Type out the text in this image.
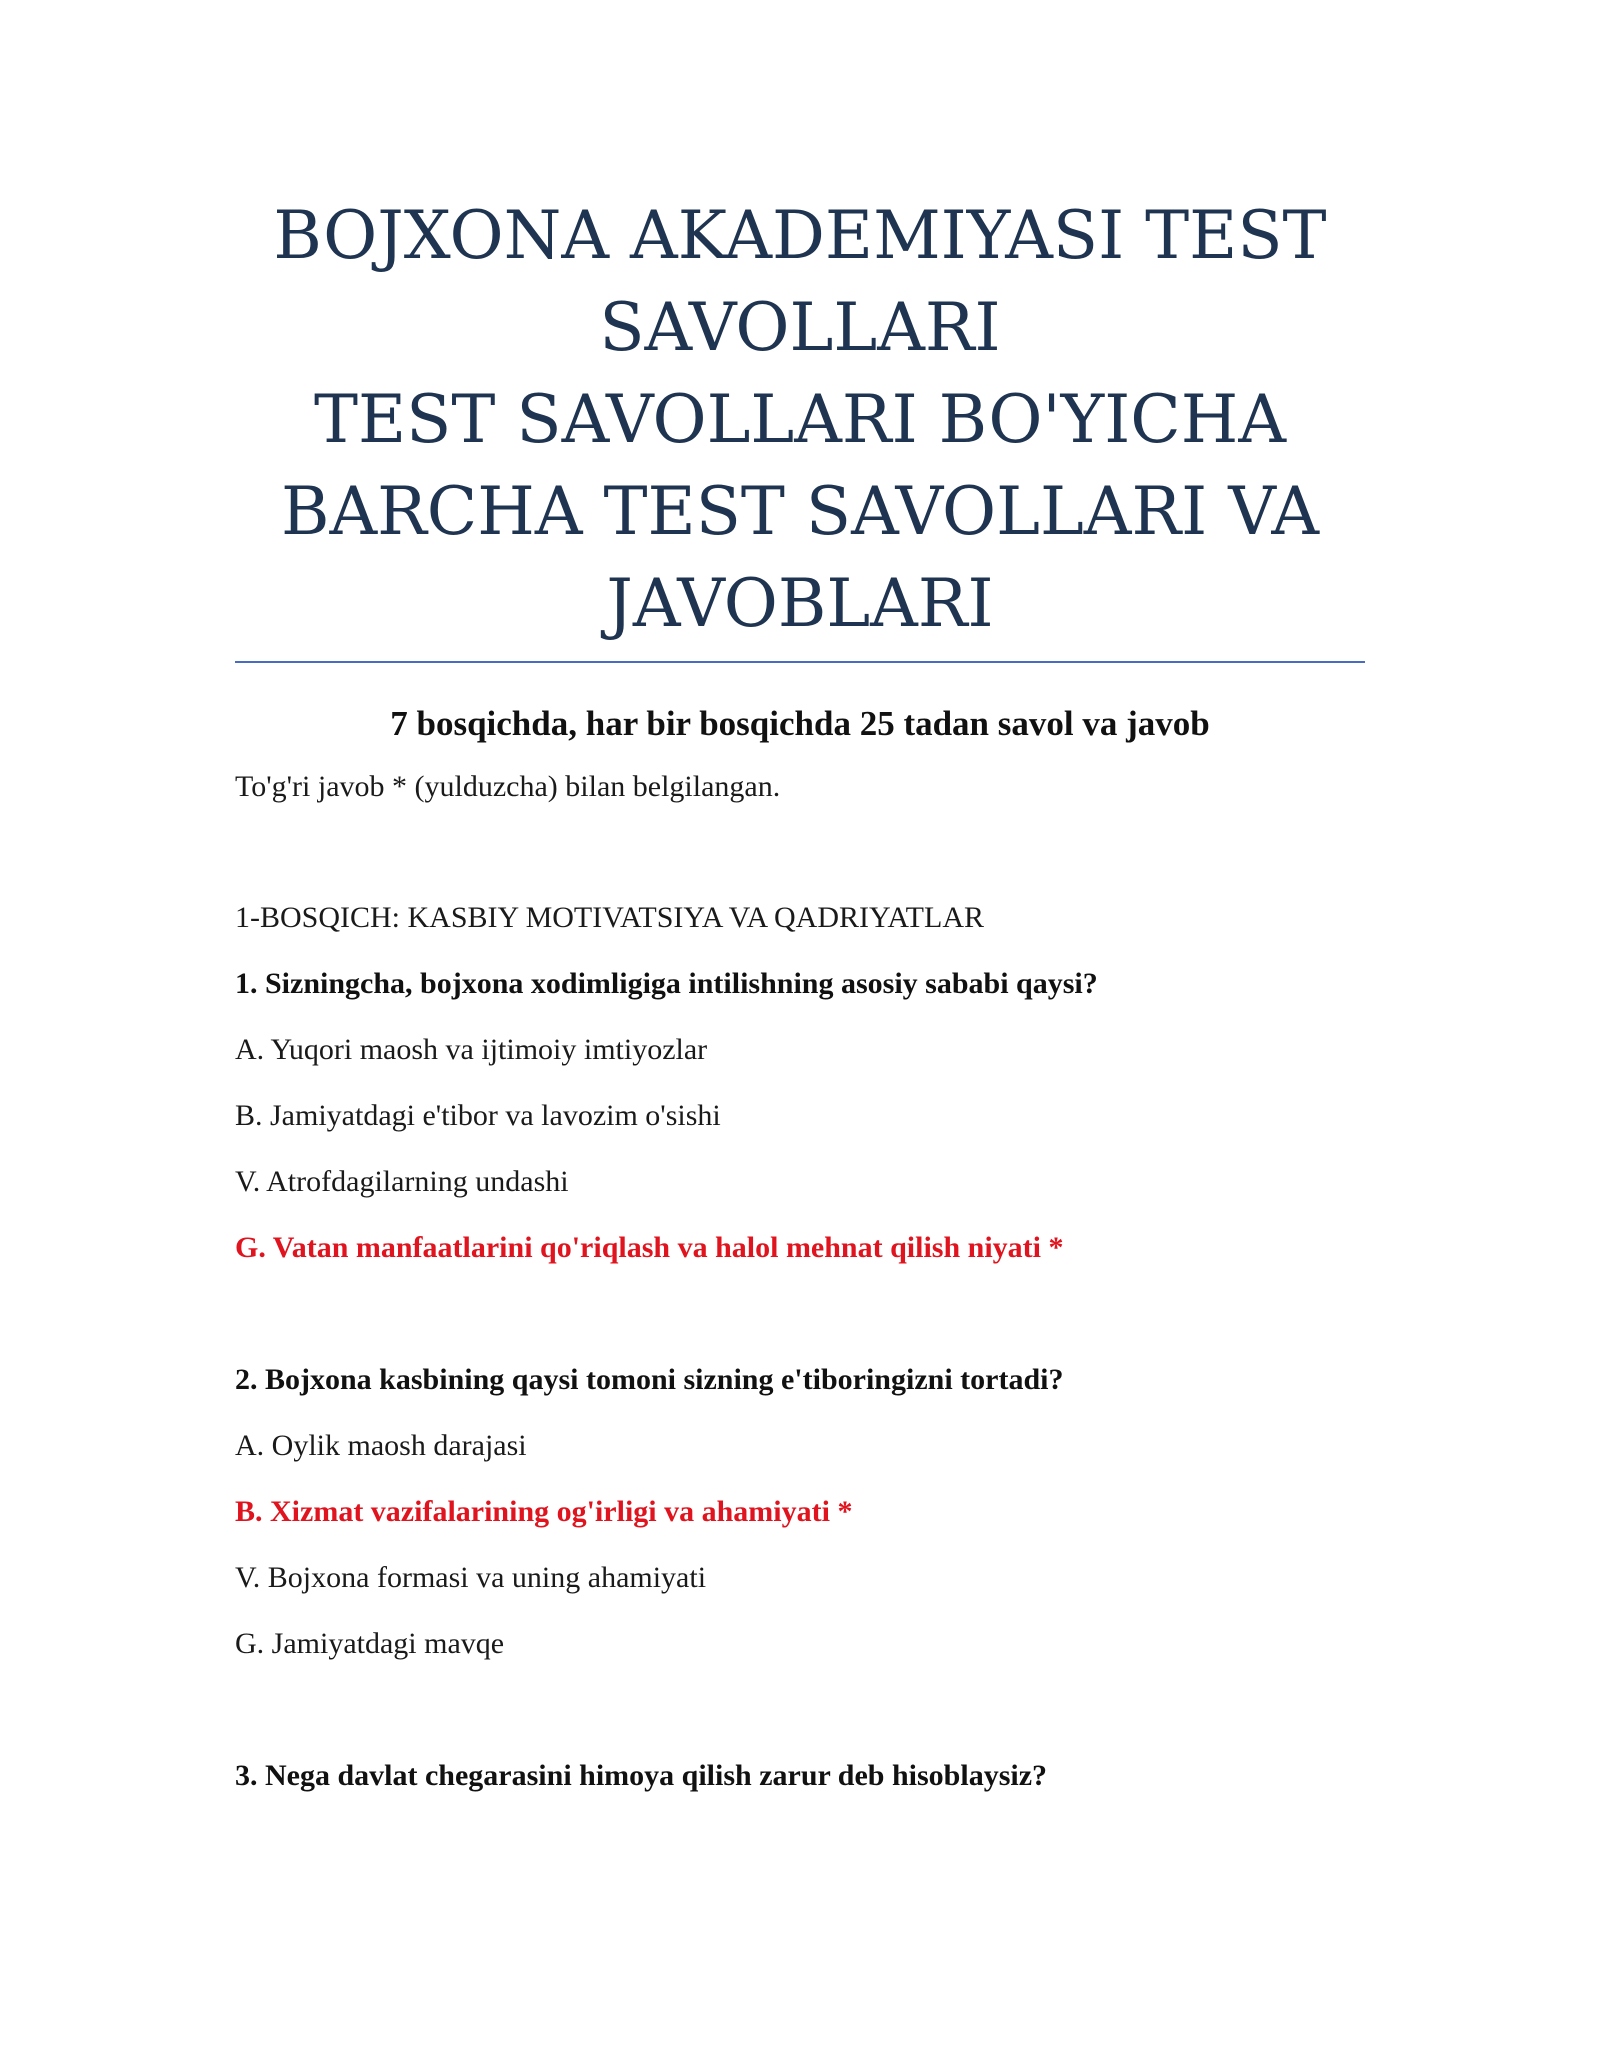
BOJXONA AKADEMIYASI TEST
SAVOLLARI
TEST SAVOLLARI BO'YICHA
BARCHA TEST SAVOLLARI VA
JAVOBLARI

7 bosqichda, har bir bosqichda 25 tadan savol va javob

To'g'ri javob * (yulduzcha) bilan belgilangan.

1-BOSQICH: KASBIY MOTIVATSIYA VA QADRIYATLAR

1. Sizningcha, bojxona xodimligiga intilishning asosiy sababi qaysi?

A. Yuqori maosh va ijtimoiy imtiyozlar

B. Jamiyatdagi e'tibor va lavozim o'sishi

V. Atrofdagilarning undashi

G. Vatan manfaatlarini qo'riqlash va halol mehnat qilish niyati *

2. Bojxona kasbining qaysi tomoni sizning e'tiboringizni tortadi?

A. Oylik maosh darajasi

B. Xizmat vazifalarining og'irligi va ahamiyati *

V. Bojxona formasi va uning ahamiyati

G. Jamiyatdagi mavqe

3. Nega davlat chegarasini himoya qilish zarur deb hisoblaysiz?
